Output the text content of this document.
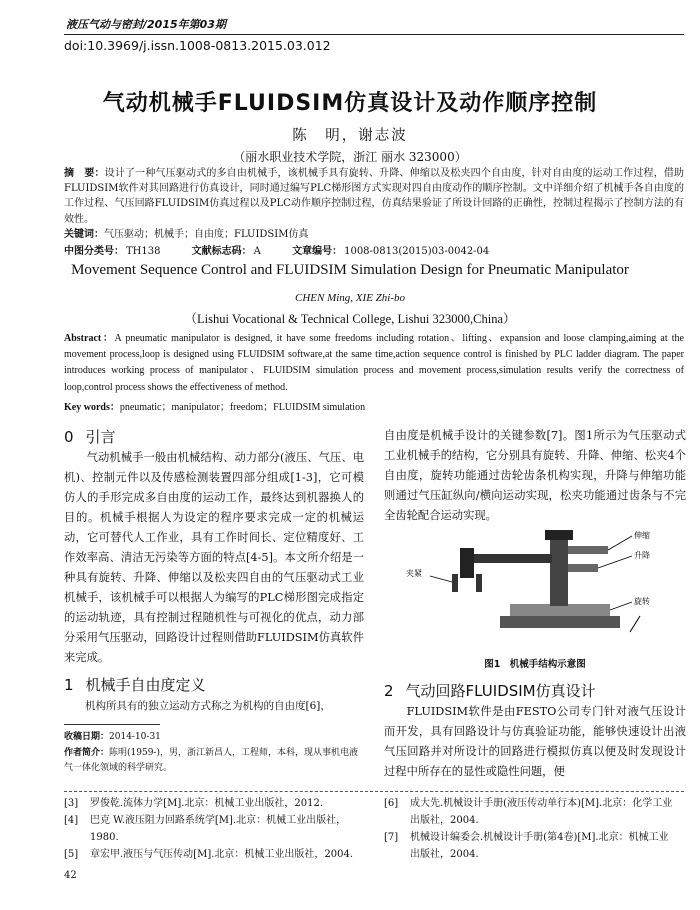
液压气动与密封/2015年第03期
doi:10.3969/j.issn.1008-0813.2015.03.012
气动机械手FLUIDSIM仿真设计及动作顺序控制
陈　明，谢志波
（丽水职业技术学院，浙江 丽水 323000）
摘　要：设计了一种气压驱动式的多自由机械手，该机械手具有旋转、升降、伸缩以及松夹四个自由度，针对自由度的运动工作过程，借助FLUIDSIM软件对其回路进行仿真设计，同时通过编写PLC梯形图方式实现对四自由度动作的顺序控制。文中详细介绍了机械手各自由度的工作过程、气压回路FLUIDSIM仿真过程以及PLC动作顺序控制过程，仿真结果验证了所设计回路的正确性，控制过程揭示了控制方法的有效性。
关键词：气压驱动；机械手；自由度；FLUIDSIM仿真
中图分类号： TH138	文献标志码： A	文章编号： 1008-0813(2015)03-0042-04
Movement Sequence Control and FLUIDSIM Simulation Design for Pneumatic Manipulator
CHEN Ming, XIE Zhi-bo
（Lishui Vocational & Technical College, Lishui 323000,China）
Abstract：A pneumatic manipulator is designed, it have some freedoms including rotation、lifting、expansion and loose clamping,aiming at the movement process,loop is designed using FLUIDSIM software,at the same time,action sequence control is finished by PLC ladder diagram. The paper introduces working process of manipulator、FLUIDSIM simulation process and movement process,simulation results verify the correctness of loop,control process shows the effectiveness of method.
Key words：pneumatic；manipulator；freedom；FLUIDSIM simulation
0 引言
气动机械手一般由机械结构、动力部分(液压、气压、电机)、控制元件以及传感检测装置四部分组成[1-3]，它可模仿人的手形完成多自由度的运动工作，最终达到机器换人的目的。机械手根据人为设定的程序要求完成一定的机械运动，它可替代人工作业，具有工作时间长、定位精度好、工作效率高、清洁无污染等方面的特点[4-5]。本文所介绍是一种具有旋转、升降、伸缩以及松夹四自由的气压驱动式工业机械手，该机械手可以根据人为编写的PLC梯形图完成指定的运动轨迹，具有控制过程随机性与可视化的优点，动力部分采用气压驱动，回路设计过程则借助FLUIDSIM仿真软件来完成。
1 机械手自由度定义
机构所具有的独立运动方式称之为机构的自由度[6]，
自由度是机械手设计的关键参数[7]。图1所示为气压驱动式工业机械手的结构，它分别具有旋转、升降、伸缩、松夹4个自由度，旋转功能通过齿轮齿条机构实现，升降与伸缩功能则通过气压缸纵向/横向运动实现，松夹功能通过齿条与不完全齿轮配合运动实现。
伸缩
升降
夹紧
旋转
图1　机械手结构示意图
2 气动回路FLUIDSIM仿真设计
FLUIDSIM软件是由FESTO公司专门针对液气压设计而开发，具有回路设计与仿真验证功能，能够快速设计出液气压回路并对所设计的回路进行模拟仿真以便及时发现设计过程中所存在的显性或隐性问题，便
收稿日期：2014-10-31
作者简介：陈明(1959-)，男，浙江新昌人，工程师，本科，现从事机电液气一体化领域的科学研究。
[3] 罗俊乾.流体力学[M].北京：机械工业出版社，2012.
[4] 巴克 W.液压阻力回路系统学[M].北京：机械工业出版社，
1980.
[5] 章宏甲.液压与气压传动[M].北京：机械工业出版社，2004.
[6] 成大先.机械设计手册(液压传动单行本)[M].北京：化学工业
出版社，2004.
[7] 机械设计编委会.机械设计手册(第4卷)[M].北京：机械工业
出版社，2004.
42
